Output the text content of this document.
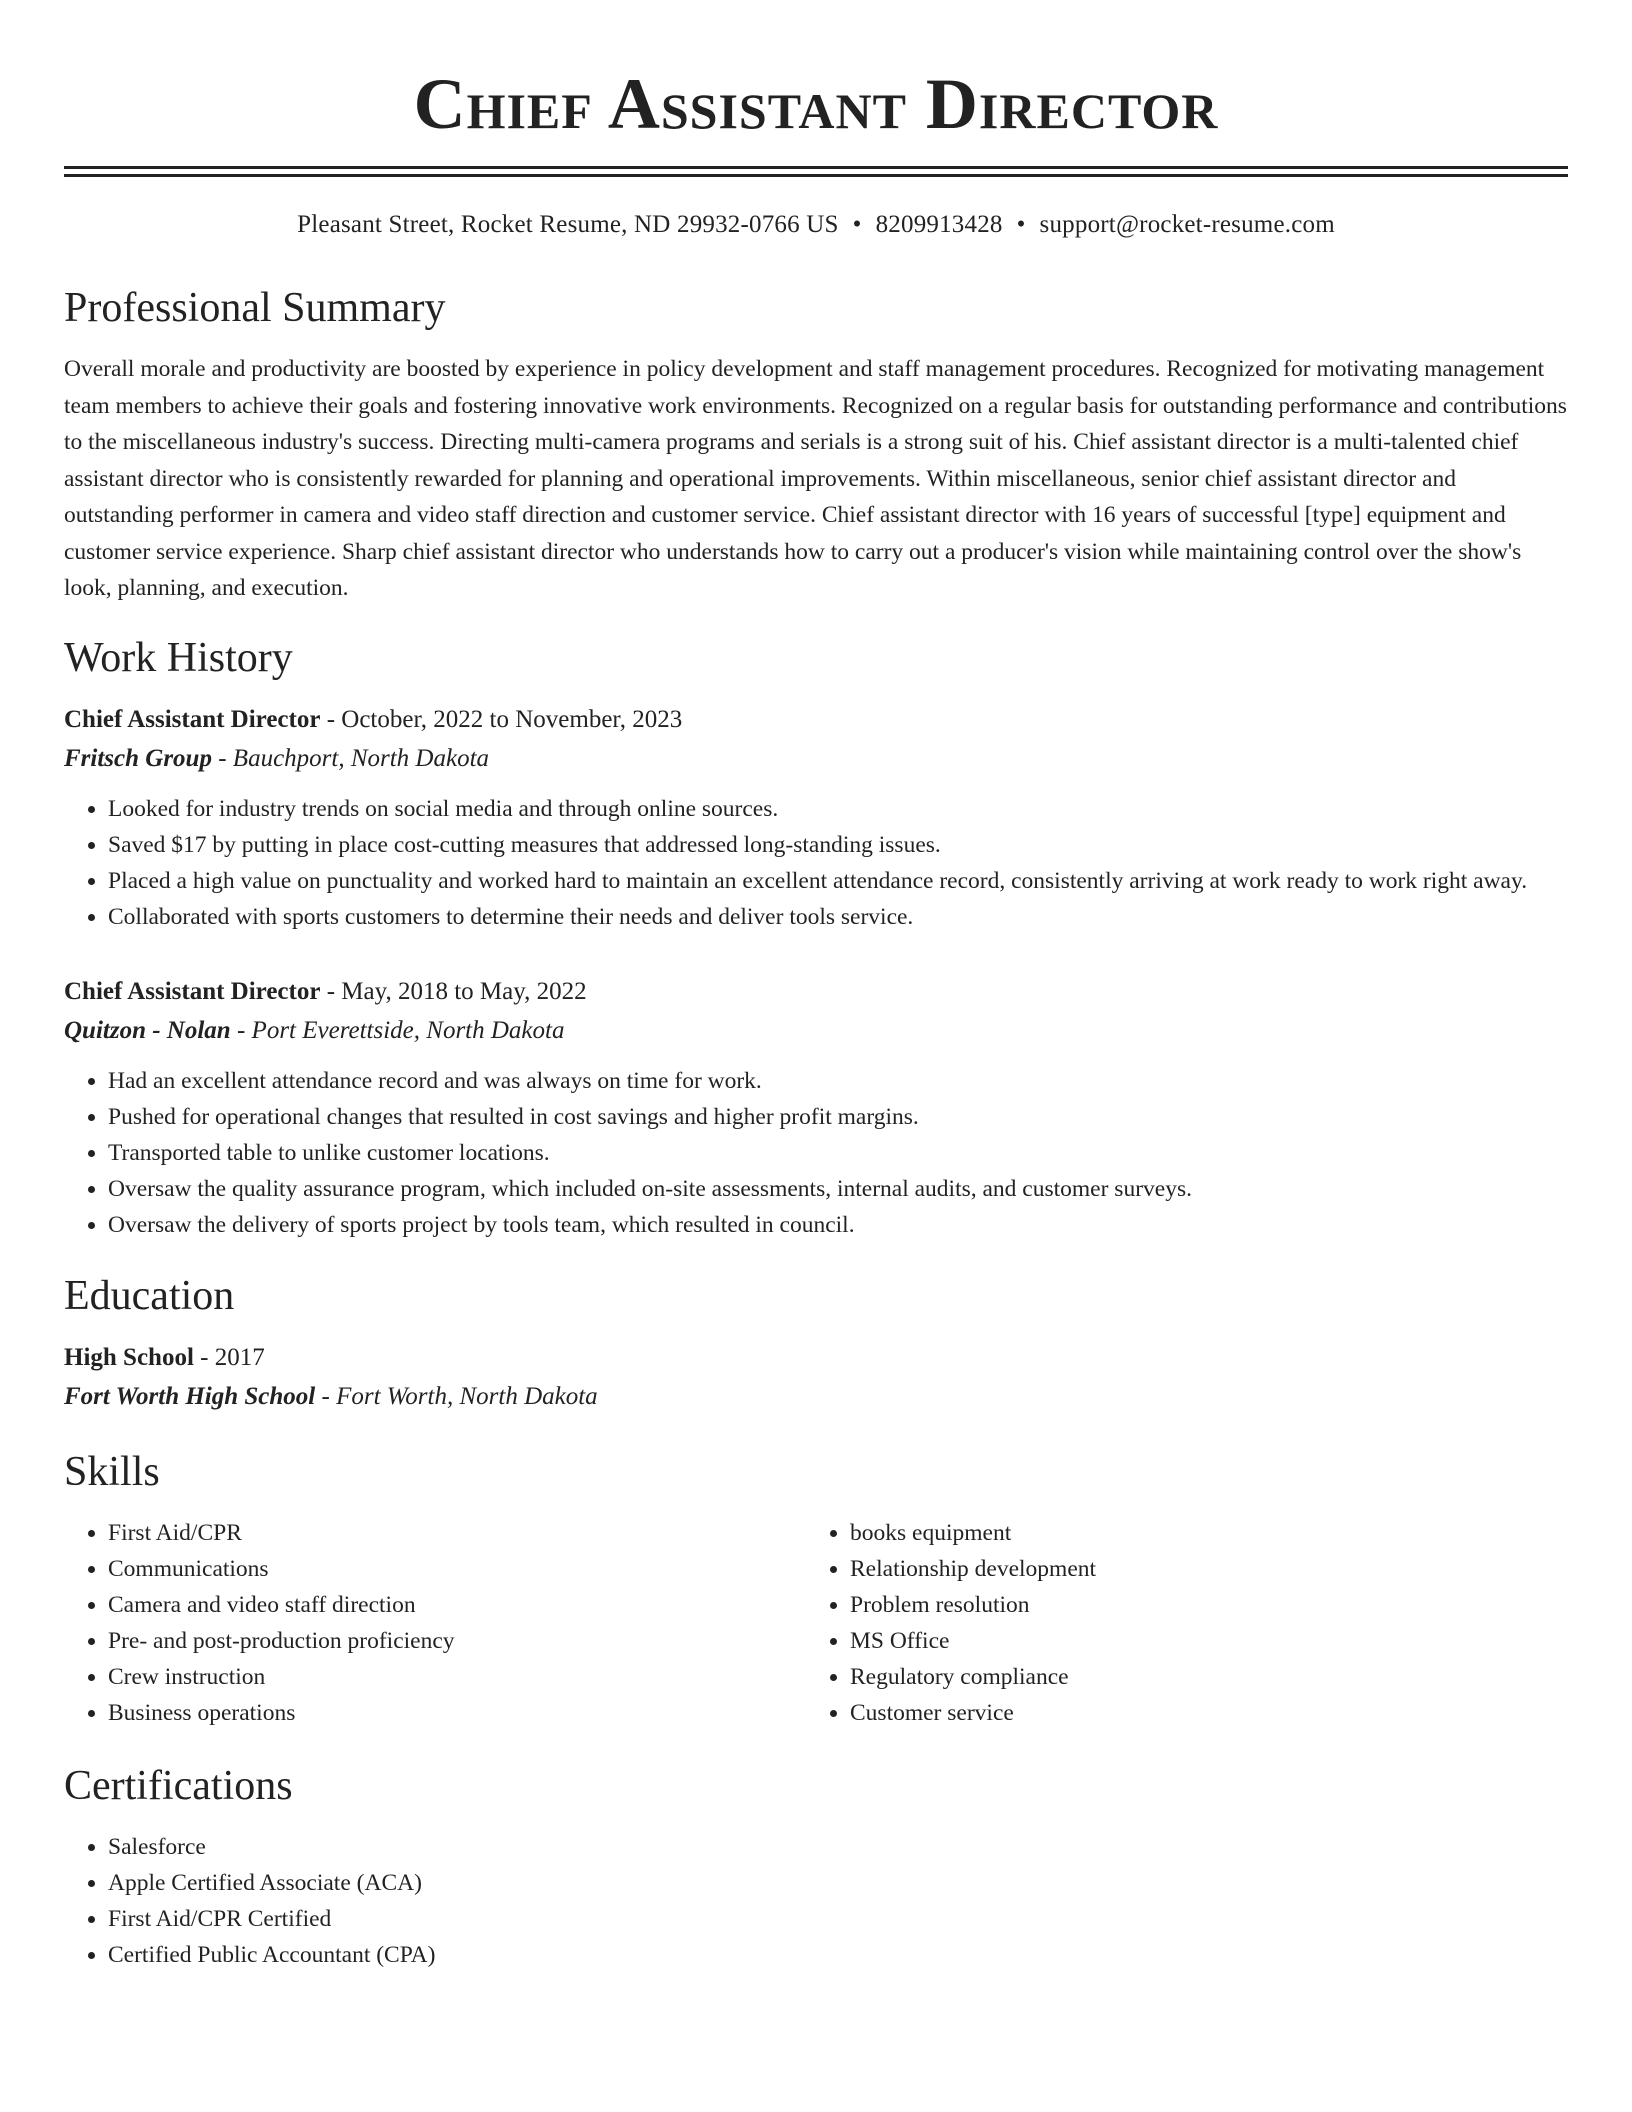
Chief Assistant Director
Pleasant Street, Rocket Resume, ND 29932-0766 US • 8209913428 • support@rocket-resume.com
Professional Summary

Overall morale and productivity are boosted by experience in policy development and staff management procedures. Recognized for motivating management team members to achieve their goals and fostering innovative work environments. Recognized on a regular basis for outstanding performance and contributions to the miscellaneous industry's success. Directing multi-camera programs and serials is a strong suit of his. Chief assistant director is a multi-talented chief assistant director who is consistently rewarded for planning and operational improvements. Within miscellaneous, senior chief assistant director and outstanding performer in camera and video staff direction and customer service. Chief assistant director with 16 years of successful [type] equipment and customer service experience. Sharp chief assistant director who understands how to carry out a producer's vision while maintaining control over the show's look, planning, and execution.

Work History
Chief Assistant Director - October, 2022 to November, 2023
Fritsch Group - Bauchport, North Dakota
• Looked for industry trends on social media and through online sources.
• Saved $17 by putting in place cost-cutting measures that addressed long-standing issues.
• Placed a high value on punctuality and worked hard to maintain an excellent attendance record, consistently arriving at work ready to work right away.
• Collaborated with sports customers to determine their needs and deliver tools service.
Chief Assistant Director - May, 2018 to May, 2022
Quitzon - Nolan - Port Everettside, North Dakota
• Had an excellent attendance record and was always on time for work.
• Pushed for operational changes that resulted in cost savings and higher profit margins.
• Transported table to unlike customer locations.
• Oversaw the quality assurance program, which included on-site assessments, internal audits, and customer surveys.
• Oversaw the delivery of sports project by tools team, which resulted in council.
Education
High School - 2017
Fort Worth High School - Fort Worth, North Dakota
Skills
• First Aid/CPR
• Communications
• Camera and video staff direction
• Pre- and post-production proficiency
• Crew instruction
• Business operations
• books equipment
• Relationship development
• Problem resolution
• MS Office
• Regulatory compliance
• Customer service
Certifications
• Salesforce
• Apple Certified Associate (ACA)
• First Aid/CPR Certified
• Certified Public Accountant (CPA)
